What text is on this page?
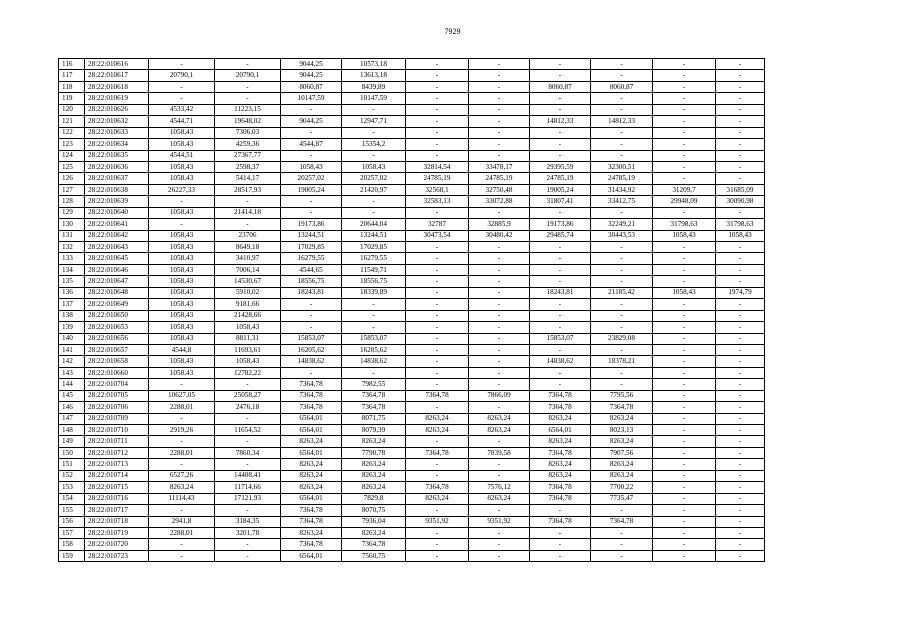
7929
116	28:22:010616	-	-	9044,25	10573,18	-	-	-	-	-	-
117	28:22:010617	20790,1	20790,1	9044,25	13613,18	-	-	-	-	-	-
118	28:22:010618	-	-	8060,87	8439,89	-	-	8060,87	8060,87	-	-
119	28:22:010619	-	-	10147,59	10147,59	-	-	-	-	-	-
120	28:22:010626	4533,42	11223,15	-	-	-	-	-	-	-	-
121	28:22:010632	4544,71	19648,02	9044,25	12947,71	-	-	14812,33	14812,33	-	-
122	28:22:010633	1058,43	7306,03	-	-	-	-	-	-	-	-
123	28:22:010634	1058,43	4259,36	4544,87	15354,2	-	-	-	-	-	-
124	28:22:010635	4544,51	27367,77	-	-	-	-	-	-	-	-
125	28:22:010636	1058,43	2598,37	1058,43	1058,43	32814,54	33478,17	29395,59	32300,51	-	-
126	28:22:010637	1058,43	5414,17	20257,02	20257,02	24785,19	24785,19	24785,19	24785,19	-	-
127	28:22:010638	26227,33	28517,93	19005,24	21420,97	32568,1	32750,48	19005,24	31434,92	31209,7	31685,09
128	28:22:010639	-	-	-	-	32583,13	33072,88	31807,41	33412,75	29948,09	30090,98
129	28:22:010640	1058,43	21414,18	-	-	-	-	-	-	-	-
130	28:22:010641	-	-	19173,86	20644,04	32787	32885,9	19173,86	32249,21	31798,63	31798,63
131	28:22:010642	1058,43	23706	13244,51	13244,51	30473,54	30480,42	29485,74	30443,53	1058,43	1058,43
132	28:22:010643	1058,43	8649,18	17029,85	17029,85	-	-	-	-	-	-
133	28:22:010645	1058,43	3410,97	16279,55	16279,55	-	-	-	-	-	-
134	28:22:010646	1058,43	7006,14	4544,65	11549,71	-	-	-	-	-	-
135	28:22:010647	1058,43	14530,67	18556,75	18556,75	-	-	-	-	-	-
136	28:22:010648	1058,43	5910,02	18243,81	18339,89	-	-	18243,81	21185,42	1058,43	1974,79
137	28:22:010649	1058,43	9181,66	-	-	-	-	-	-	-	-
138	28:22:010650	1058,43	21428,66	-	-	-	-	-	-	-	-
139	28:22:010653	1058,43	1058,43	-	-	-	-	-	-	-	-
140	28:22:010656	1058,43	8811,31	15853,07	15853,07	-	-	15853,07	23829,08	-	-
141	28:22:010657	4544,8	11693,61	16205,62	16205,62	-	-	-	-	-	-
142	28:22:010658	1058,43	1058,43	14838,62	14838,62	-	-	14838,62	18378,21	-	-
143	28:22:010660	1058,43	12782,22	-	-	-	-	-	-	-	-
144	28:22:010704	-	-	7364,78	7982,55	-	-	-	-	-	-
145	28:22:010705	10627,05	25058,27	7364,78	7364,78	7364,78	7866,09	7364,78	7795,56	-	-
146	28:22:010706	2288,01	2476,18	7364,78	7364,78	-	-	7364,78	7364,78	-	-
147	28:22:010709	-	-	6564,01	8071,75	8263,24	8263,24	8263,24	8263,24	-	-
148	28:22:010710	2919,26	11654,52	6564,01	8079,39	8263,24	8263,24	6564,01	8023,13	-	-
149	28:22:010711	-	-	8263,24	8263,24	-	-	8263,24	8263,24	-	-
150	28:22:010712	2288,01	7860,34	6564,01	7790,78	7364,78	7839,58	7364,78	7907,56	-	-
151	28:22:010713	-	-	8263,24	8263,24	-	-	8263,24	8263,24	-	-
152	28:22:010714	6527,26	14408,41	8263,24	8263,24	-	-	8263,24	8263,24	-	-
153	28:22:010715	8263,24	11714,66	8263,24	8263,24	7364,78	7576,12	7364,78	7700,22	-	-
154	28:22:010716	11114,43	17121,93	6564,01	7829,8	8263,24	8263,24	7364,78	7735,47	-	-
155	28:22:010717	-	-	7364,78	8070,75	-	-	-	-	-	-
156	28:22:010718	2941,8	3184,35	7364,78	7936,04	9351,92	9351,92	7364,78	7364,78	-	-
157	28:22:010719	2288,01	3201,78	8263,24	8263,24	-	-	-	-	-	-
158	28:22:010720	-	-	7364,78	7364,78	-	-	-	-	-	-
159	28:22:010723	-	-	6564,01	7560,75	-	-	-	-	-	-
